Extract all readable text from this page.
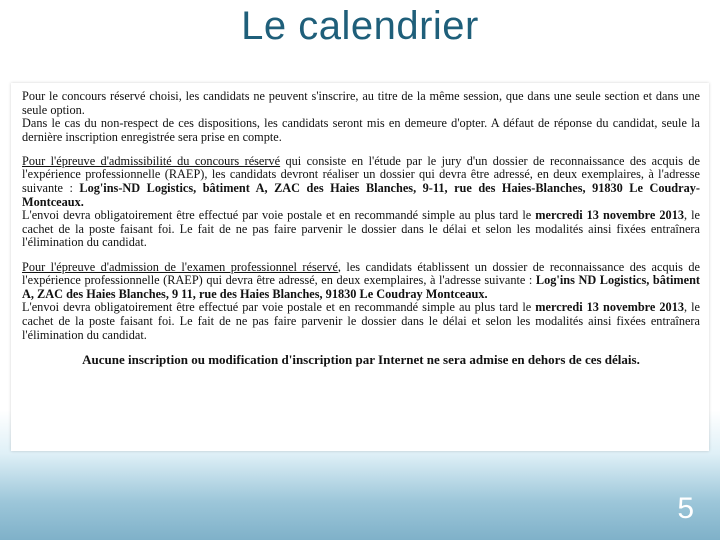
Le calendrier
Pour le concours réservé choisi, les candidats ne peuvent s'inscrire, au titre de la même session, que dans une seule section et dans une seule option.
Dans le cas du non-respect de ces dispositions, les candidats seront mis en demeure d'opter. A défaut de réponse du candidat, seule la dernière inscription enregistrée sera prise en compte.

Pour l'épreuve d'admissibilité du concours réservé qui consiste en l'étude par le jury d'un dossier de reconnaissance des acquis de l'expérience professionnelle (RAEP), les candidats devront réaliser un dossier qui devra être adressé, en deux exemplaires, à l'adresse suivante : Log'ins-ND Logistics, bâtiment A, ZAC des Haies Blanches, 9-11, rue des Haies-Blanches, 91830 Le Coudray-Montceaux.
L'envoi devra obligatoirement être effectué par voie postale et en recommandé simple au plus tard le mercredi 13 novembre 2013, le cachet de la poste faisant foi. Le fait de ne pas faire parvenir le dossier dans le délai et selon les modalités ainsi fixées entraînera l'élimination du candidat.

Pour l'épreuve d'admission de l'examen professionnel réservé, les candidats établissent un dossier de reconnaissance des acquis de l'expérience professionnelle (RAEP) qui devra être adressé, en deux exemplaires, à l'adresse suivante : Log'ins ND Logistics, bâtiment A, ZAC des Haies Blanches, 9 11, rue des Haies Blanches, 91830 Le Coudray Montceaux.
L'envoi devra obligatoirement être effectué par voie postale et en recommandé simple au plus tard le mercredi 13 novembre 2013, le cachet de la poste faisant foi. Le fait de ne pas faire parvenir le dossier dans le délai et selon les modalités ainsi fixées entraînera l'élimination du candidat.

Aucune inscription ou modification d'inscription par Internet ne sera admise en dehors de ces délais.
5
